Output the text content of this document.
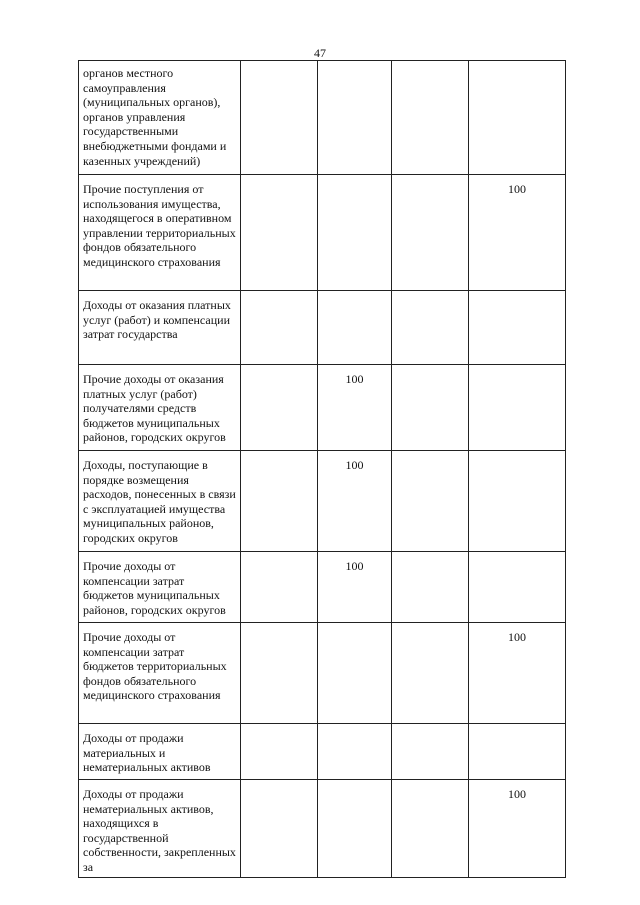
47
органов местного самоуправления (муниципальных органов), органов управления государственными внебюджетными фондами и казенных учреждений)				
Прочие поступления от использования имущества, находящегося в оперативном управлении территориальных фондов обязательного медицинского страхования				100
Доходы от оказания платных услуг (работ) и компенсации затрат государства				
Прочие доходы от оказания платных услуг (работ) получателями средств бюджетов муниципальных районов, городских округов		100		
Доходы, поступающие в порядке возмещения расходов, понесенных в связи с эксплуатацией имущества муниципальных районов, городских округов		100		
Прочие доходы от компенсации затрат бюджетов муниципальных районов, городских округов		100		
Прочие доходы от компенсации затрат бюджетов территориальных фондов обязательного медицинского страхования				100
Доходы от продажи материальных и нематериальных активов				
Доходы от продажи нематериальных активов, находящихся в государственной собственности, закрепленных за				100
